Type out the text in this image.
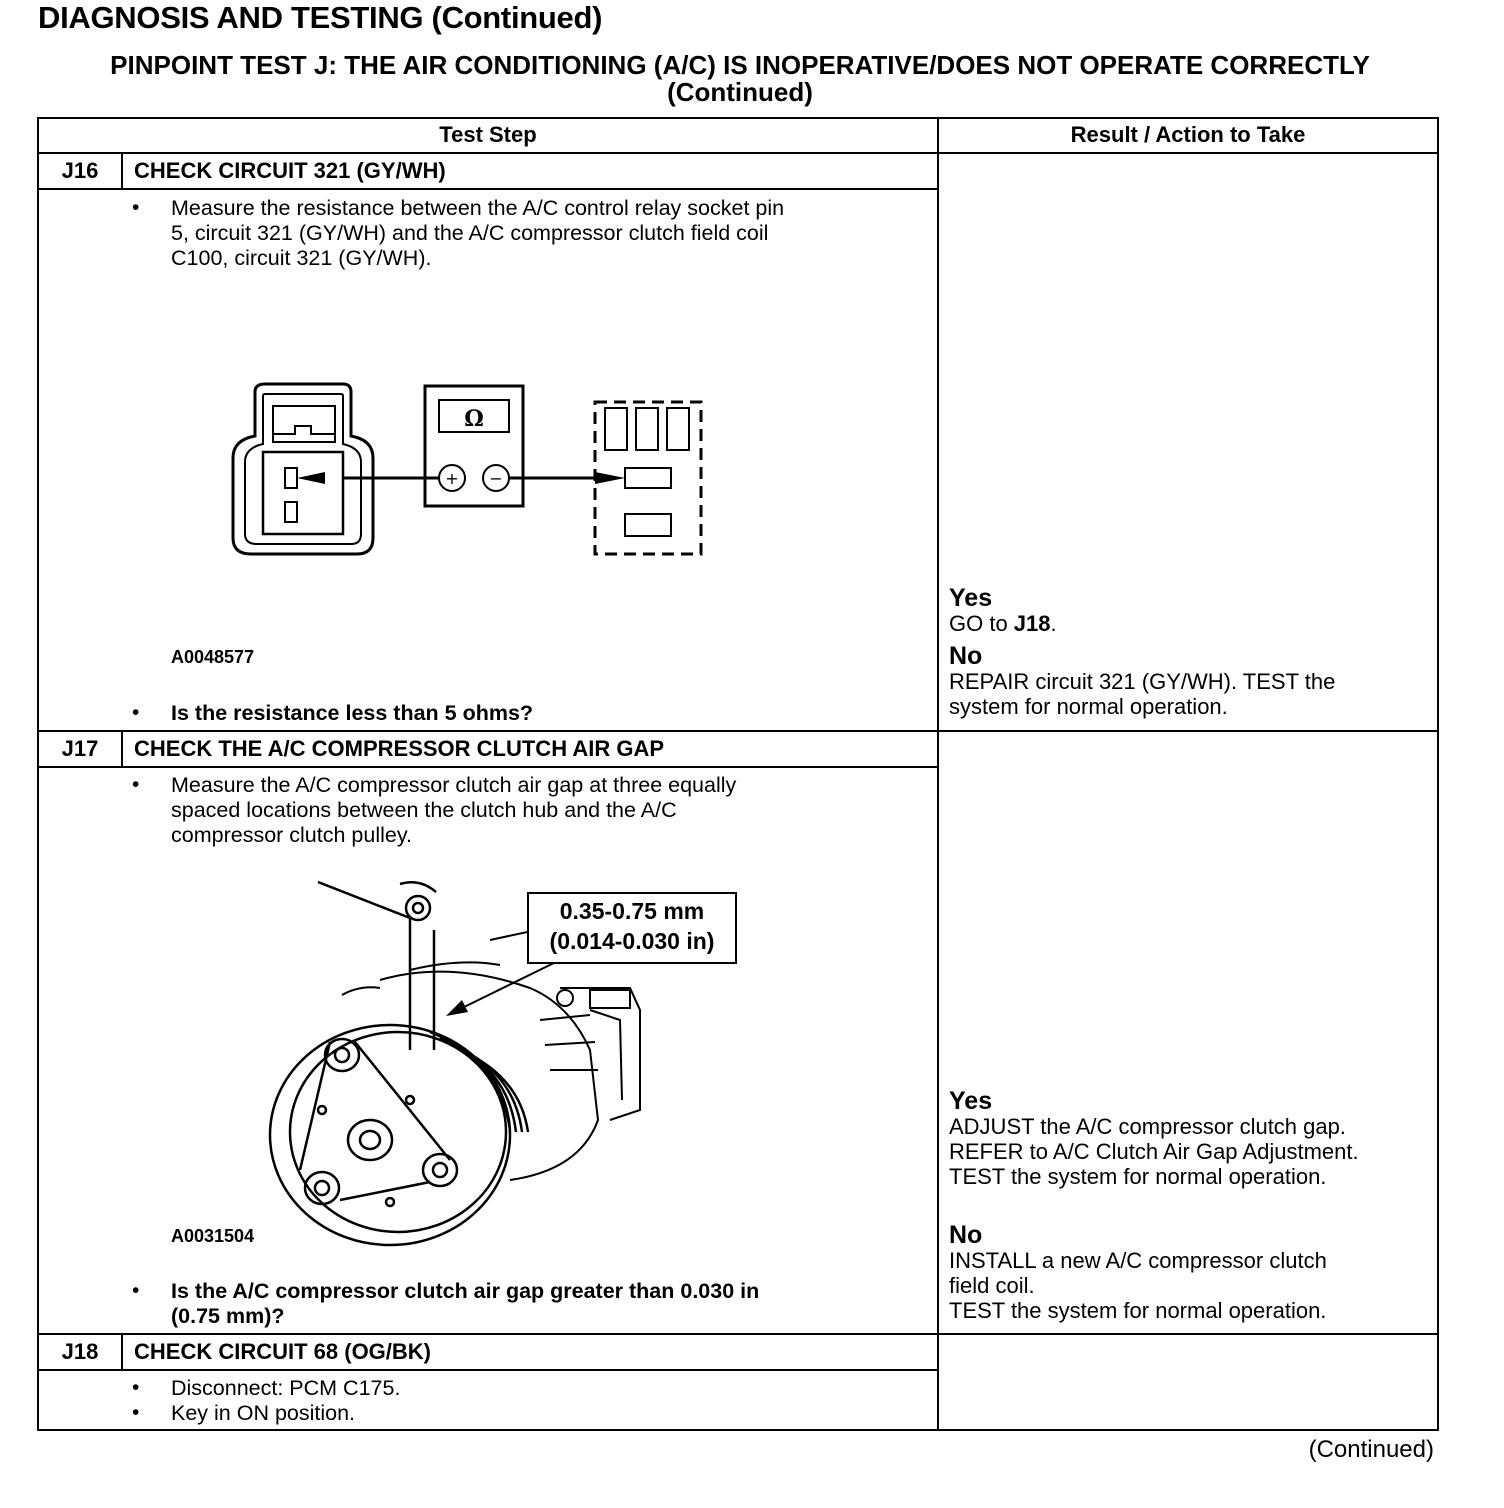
DIAGNOSIS AND TESTING (Continued)
PINPOINT TEST J: THE AIR CONDITIONING (A/C) IS INOPERATIVE/DOES NOT OPERATE CORRECTLY
(Continued)
Test Step	Result / Action to Take
J16	CHECK CIRCUIT 321 (GY/WH)
• Measure the resistance between the A/C control relay socket pin
5, circuit 321 (GY/WH) and the A/C compressor clutch field coil
C100, circuit 321 (GY/WH).
Ω
+ −
A0048577
• Is the resistance less than 5 ohms?
Yes
GO to J18.
No
REPAIR circuit 321 (GY/WH). TEST the
system for normal operation.
J17	CHECK THE A/C COMPRESSOR CLUTCH AIR GAP
• Measure the A/C compressor clutch air gap at three equally
spaced locations between the clutch hub and the A/C
compressor clutch pulley.
0.35-0.75 mm
(0.014-0.030 in)
A0031504
• Is the A/C compressor clutch air gap greater than 0.030 in
(0.75 mm)?
Yes
ADJUST the A/C compressor clutch gap.
REFER to A/C Clutch Air Gap Adjustment.
TEST the system for normal operation.
No
INSTALL a new A/C compressor clutch
field coil.
TEST the system for normal operation.
J18	CHECK CIRCUIT 68 (OG/BK)
• Disconnect: PCM C175.
• Key in ON position.
(Continued)
